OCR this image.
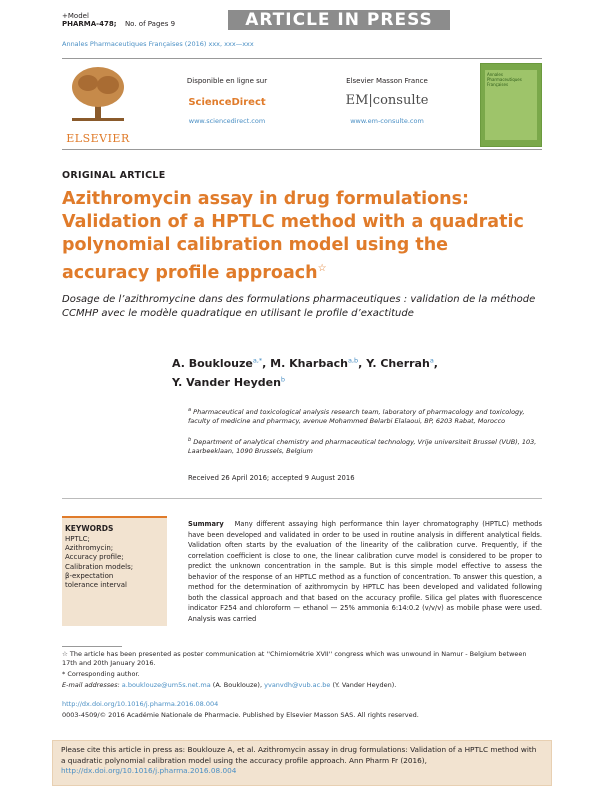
+Model
PHARMA-478; No. of Pages 9	ARTICLE IN PRESS
Annales Pharmaceutiques Françaises (2016) xxx, xxx—xxx
ELSEVIER
Disponible en ligne sur
ScienceDirect
www.sciencedirect.com
Elsevier Masson France
EM|consulte
www.em-consulte.com
Annales Pharmaceutiques Françaises
ORIGINAL ARTICLE
Azithromycin assay in drug formulations: Validation of a HPTLC method with a quadratic polynomial calibration model using the accuracy profile approach☆
Dosage de l’azithromycine dans des formulations pharmaceutiques : validation de la méthode CCMHP avec le modèle quadratique en utilisant le profile d’exactitude
A. Bouklouze$^{a,*}$, M. Kharbach$^{a,b}$, Y. Cherrah$^a$,
Y. Vander Heyden$^b$
$^a$ Pharmaceutical and toxicological analysis research team, laboratory of pharmacology and toxicology, faculty of medicine and pharmacy, avenue Mohammed Belarbi Elalaoui, BP, 6203 Rabat, Morocco
$^b$ Department of analytical chemistry and pharmaceutical technology, Vrije universiteit Brussel (VUB), 103, Laarbeeklaan, 1090 Brussels, Belgium
Received 26 April 2016; accepted 9 August 2016
KEYWORDS
HPTLC;
Azithromycin;
Accuracy profile;
Calibration models;
β-expectation
tolerance interval
Summary Many different assaying high performance thin layer chromatography (HPTLC) methods have been developed and validated in order to be used in routine analysis in different analytical fields. Validation often starts by the evaluation of the linearity of the calibration curve. Frequently, if the correlation coefficient is close to one, the linear calibration curve model is considered to be proper to predict the unknown concentration in the sample. But is this simple model effective to assess the behavior of the response of an HPTLC method as a function of concentration. To answer this question, a method for the determination of azithromycin by HPTLC has been developed and validated following both the classical approach and that based on the accuracy profile. Silica gel plates with fluorescence indicator F254 and chloroform — ethanol — 25% ammonia 6:14:0.2 (v/v/v) as mobile phase were used. Analysis was carried
☆ The article has been presented as poster communication at ''Chimiométrie XVII'' congress which was unwound in Namur - Belgium between 17th and 20th January 2016.
* Corresponding author.
E-mail addresses: a.bouklouze@um5s.net.ma (A. Bouklouze), yvanvdh@vub.ac.be (Y. Vander Heyden).
http://dx.doi.org/10.1016/j.pharma.2016.08.004
0003-4509/© 2016 Académie Nationale de Pharmacie. Published by Elsevier Masson SAS. All rights reserved.
Please cite this article in press as: Bouklouze A, et al. Azithromycin assay in drug formulations: Validation of a HPTLC method with a quadratic polynomial calibration model using the accuracy profile approach. Ann Pharm Fr (2016), http://dx.doi.org/10.1016/j.pharma.2016.08.004
